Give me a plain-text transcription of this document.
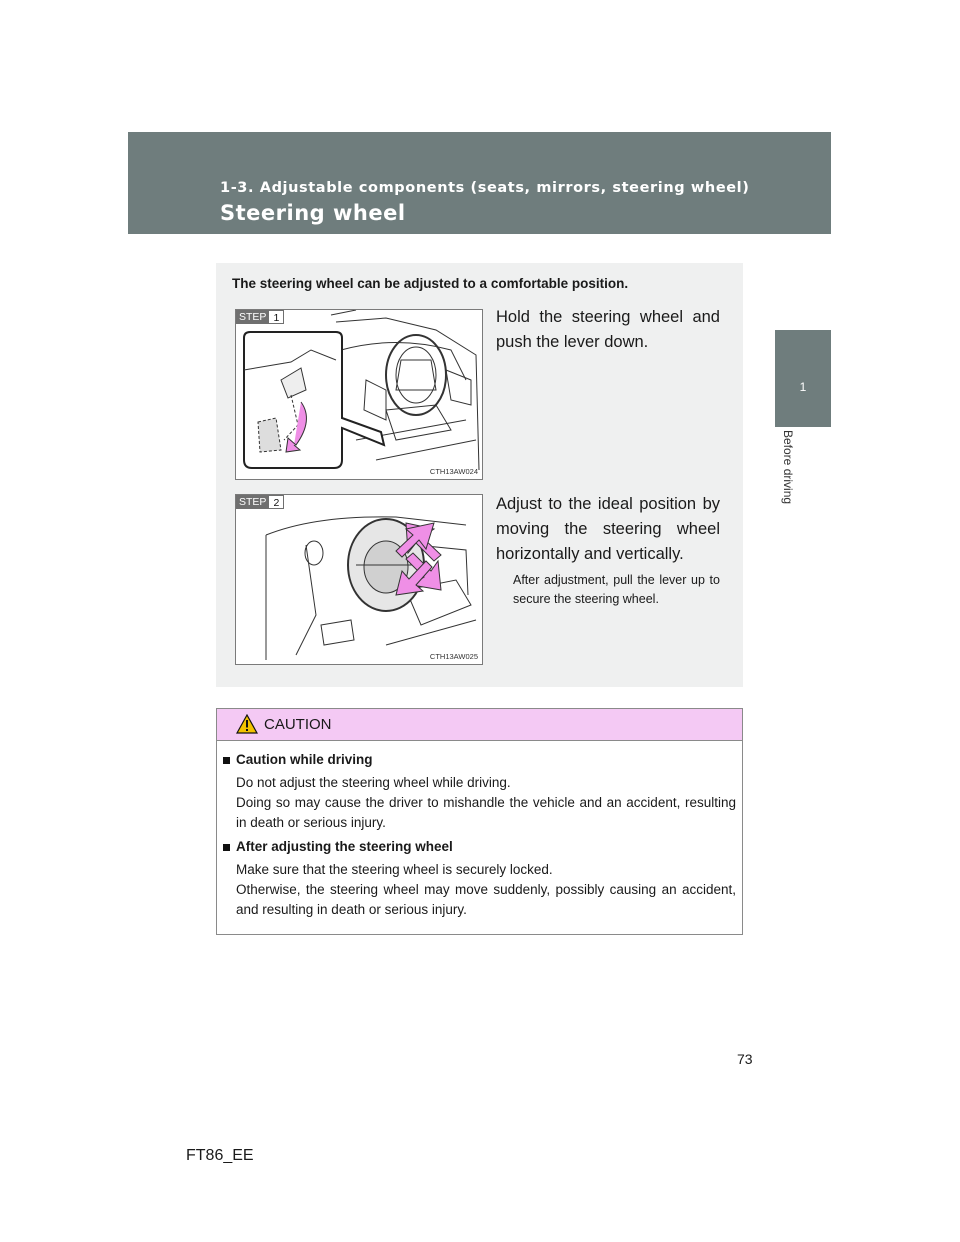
1-3. Adjustable components (seats, mirrors, steering wheel)
Steering wheel
1
Before driving

The steering wheel can be adjusted to a comfortable position.

STEP 1
CTH13AW024

Hold the steering wheel and push the lever down.

STEP 2
CTH13AW025

Adjust to the ideal position by moving the steering wheel horizontally and vertically.

After adjustment, pull the lever up to secure the steering wheel.

CAUTION

Caution while driving

Do not adjust the steering wheel while driving.
Doing so may cause the driver to mishandle the vehicle and an accident, resulting in death or serious injury.

After adjusting the steering wheel

Make sure that the steering wheel is securely locked.
Otherwise, the steering wheel may move suddenly, possibly causing an accident, and resulting in death or serious injury.

73
FT86_EE
